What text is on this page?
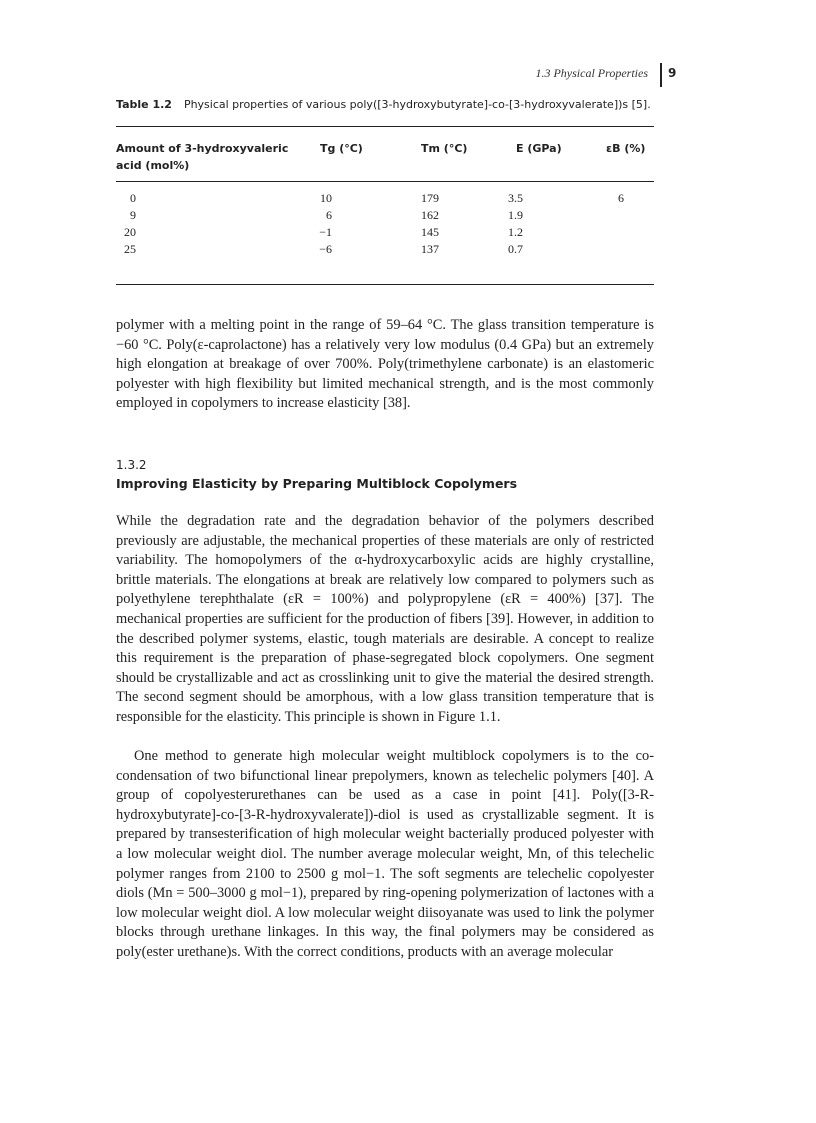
1.3 Physical Properties 9
Table 1.2 Physical properties of various poly([3-hydroxybutyrate]-co-[3-hydroxyvalerate])s [5].
Amount of 3-hydroxyvaleric acid (mol%)
Tg (°C)	Tm (°C)	E (GPa)	εB (%)
0	10	179	3.5	6
9	6	162	1.9
20	−1	145	1.2
25	−6	137	0.7

polymer with a melting point in the range of 59–64 °C. The glass transition temperature is −60 °C. Poly(ε-caprolactone) has a relatively very low modulus (0.4 GPa) but an extremely high elongation at breakage of over 700%. Poly(trimethylene carbonate) is an elastomeric polyester with high flexibility but limited mechanical strength, and is the most commonly employed in copolymers to increase elasticity [38].

1.3.2
Improving Elasticity by Preparing Multiblock Copolymers

While the degradation rate and the degradation behavior of the polymers described previously are adjustable, the mechanical properties of these materials are only of restricted variability. The homopolymers of the α-hydroxycarboxylic acids are highly crystalline, brittle materials. The elongations at break are relatively low compared to polymers such as polyethylene terephthalate (εR = 100%) and polypropylene (εR = 400%) [37]. The mechanical properties are sufficient for the production of fibers [39]. However, in addition to the described polymer systems, elastic, tough materials are desirable. A concept to realize this requirement is the preparation of phase-segregated block copolymers. One segment should be crystallizable and act as crosslinking unit to give the material the desired strength. The second segment should be amorphous, with a low glass transition temperature that is responsible for the elasticity. This principle is shown in Figure 1.1.

One method to generate high molecular weight multiblock copolymers is to the co-condensation of two bifunctional linear prepolymers, known as telechelic polymers [40]. A group of copolyesterurethanes can be used as a case in point [41]. Poly([3-R-hydroxybutyrate]-co-[3-R-hydroxyvalerate])-diol is used as crystallizable segment. It is prepared by transesterification of high molecular weight bacterially produced polyester with a low molecular weight diol. The number average molecular weight, Mn, of this telechelic polymer ranges from 2100 to 2500 g mol−1. The soft segments are telechelic copolyester diols (Mn = 500–3000 g mol−1), prepared by ring-opening polymerization of lactones with a low molecular weight diol. A low molecular weight diisoyanate was used to link the polymer blocks through urethane linkages. In this way, the final polymers may be considered as poly(ester urethane)s. With the correct conditions, products with an average molecular
